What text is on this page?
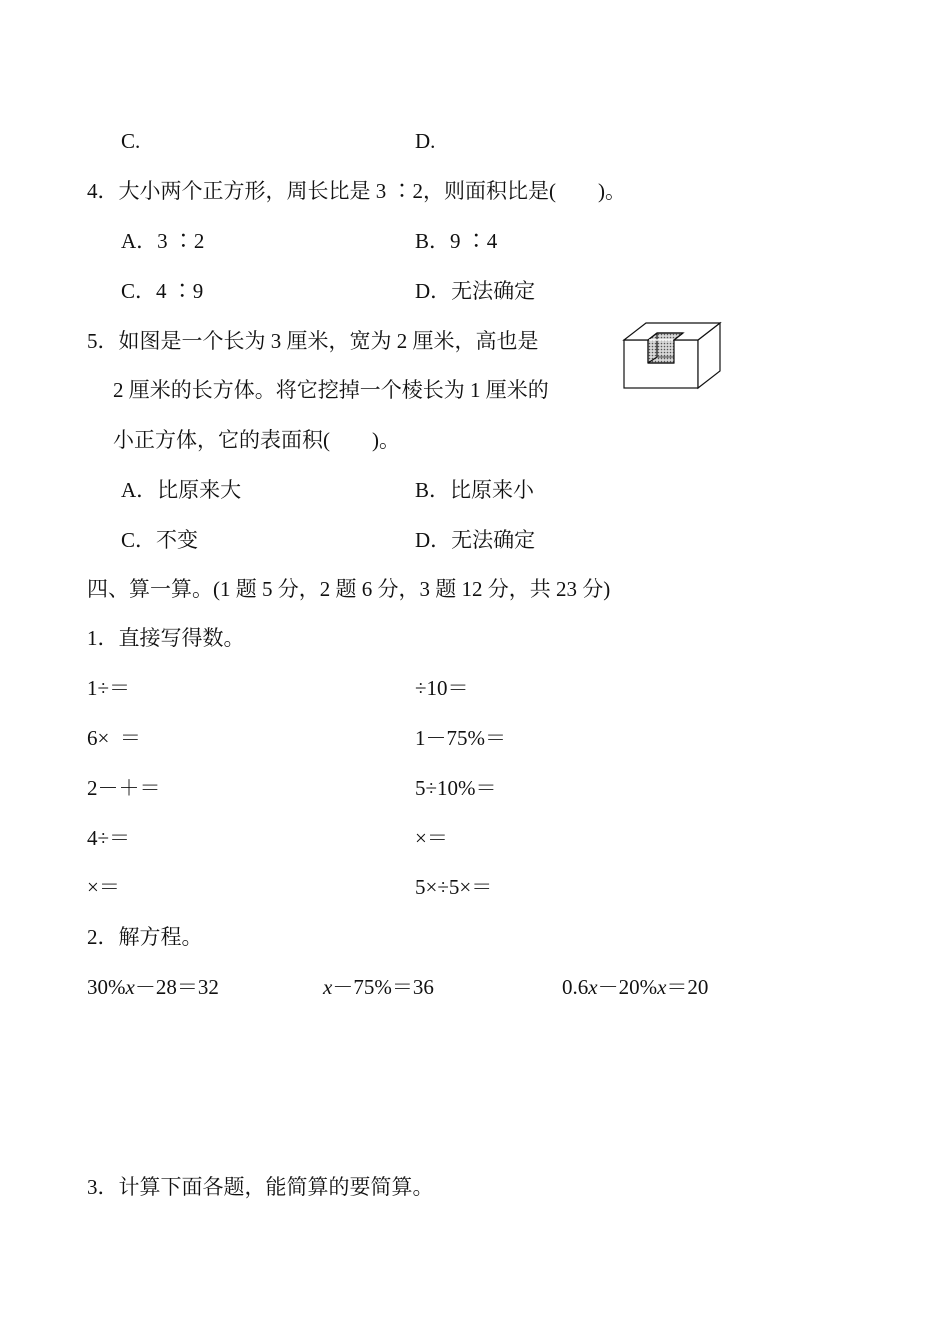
C.	D.
4．大小两个正方形，周长比是 3 ∶2，则面积比是(　　)。
A．3 ∶2	B．9 ∶4
C．4 ∶9	D．无法确定
5．如图是一个长为 3 厘米，宽为 2 厘米，高也是
2 厘米的长方体。将它挖掉一个棱长为 1 厘米的
小正方体，它的表面积(　　)。
A．比原来大	B．比原来小
C．不变	D．无法确定
四、算一算。(1 题 5 分，2 题 6 分，3 题 12 分，共 23 分)
1．直接写得数。
1÷＝	÷10＝
6×  ＝	1－75%＝
2－＋＝	5÷10%＝
4÷＝	×＝
×＝	5×÷5×＝
2．解方程。
30%x－28＝32	x－75%＝36	0.6x－20%x＝20
3．计算下面各题，能简算的要简算。
